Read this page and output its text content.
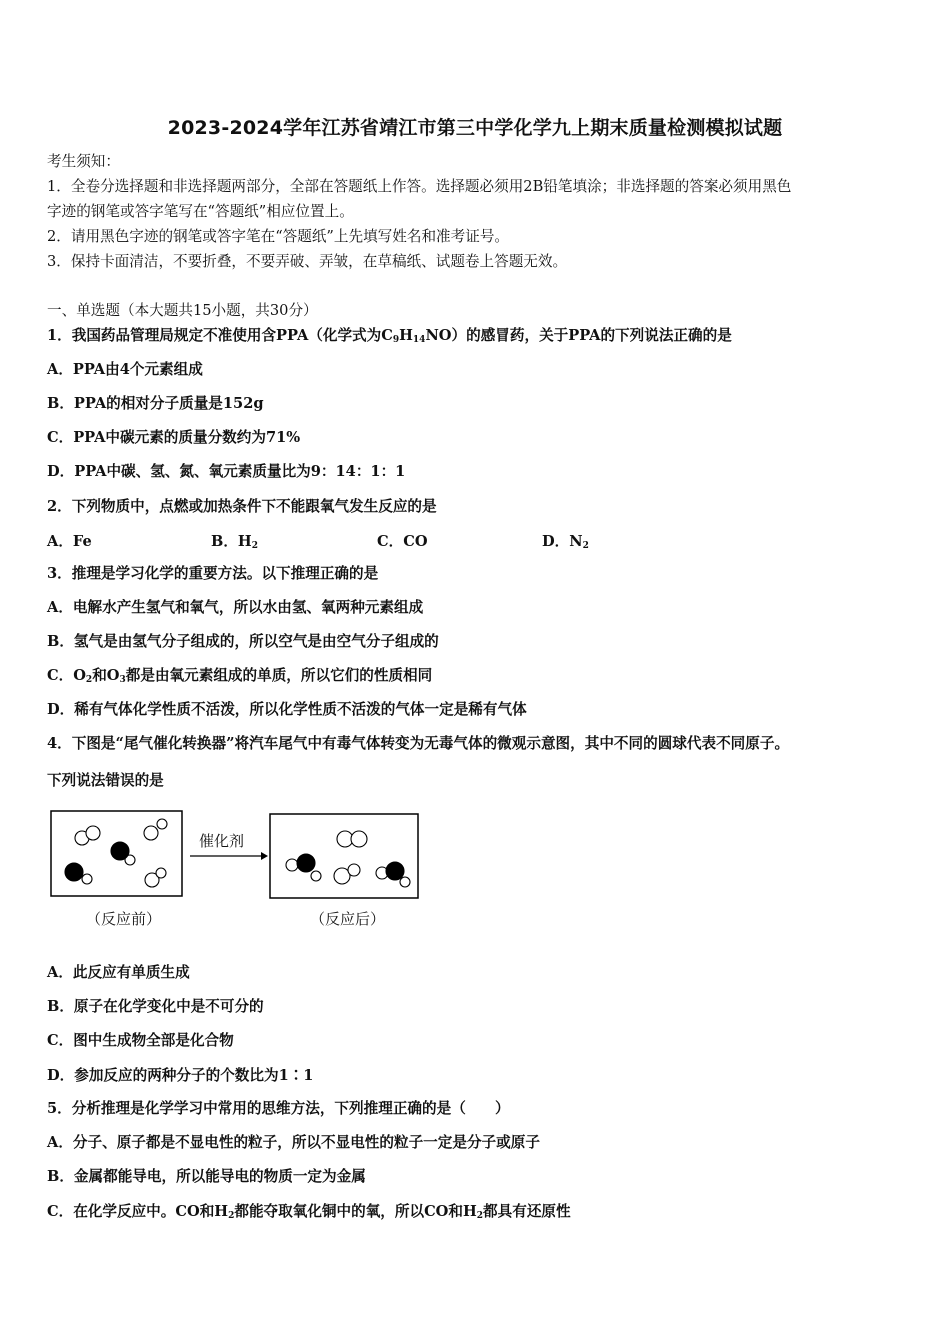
2023-2024学年江苏省靖江市第三中学化学九上期末质量检测模拟试题
考生须知：
1．全卷分选择题和非选择题两部分，全部在答题纸上作答。选择题必须用2B铅笔填涂；非选择题的答案必须用黑色
字迹的钢笔或答字笔写在“答题纸”相应位置上。
2．请用黑色字迹的钢笔或答字笔在“答题纸”上先填写姓名和准考证号。
3．保持卡面清洁，不要折叠，不要弄破、弄皱，在草稿纸、试题卷上答题无效。
一、单选题（本大题共15小题，共30分）
1．我国药品管理局规定不准使用含PPA（化学式为$C_9H_{14}NO$）的感冒药，关于PPA的下列说法正确的是
A．PPA由4个元素组成
B．PPA的相对分子质量是152g
C．PPA中碳元素的质量分数约为71%
D．PPA中碳、氢、氮、氧元素质量比为9：14：1：1
2．下列物质中，点燃或加热条件下不能跟氧气发生反应的是
A．Fe	B．$H_2$	C．CO	D．$N_2$
3．推理是学习化学的重要方法。以下推理正确的是
A．电解水产生氢气和氧气，所以水由氢、氧两种元素组成
B．氢气是由氢气分子组成的，所以空气是由空气分子组成的
C．$O_2$和$O_3$都是由氧元素组成的单质，所以它们的性质相同
D．稀有气体化学性质不活泼，所以化学性质不活泼的气体一定是稀有气体
4．下图是“尾气催化转换器”将汽车尾气中有毒气体转变为无毒气体的微观示意图，其中不同的圆球代表不同原子。
下列说法错误的是
催化剂
（反应前）	（反应后）
A．此反应有单质生成
B．原子在化学变化中是不可分的
C．图中生成物全部是化合物
D．参加反应的两种分子的个数比为1∶1
5．分析推理是化学学习中常用的思维方法，下列推理正确的是（　　）
A．分子、原子都是不显电性的粒子，所以不显电性的粒子一定是分子或原子
B．金属都能导电，所以能导电的物质一定为金属
C．在化学反应中。CO和$H_2$都能夺取氧化铜中的氧，所以CO和$H_2$都具有还原性
